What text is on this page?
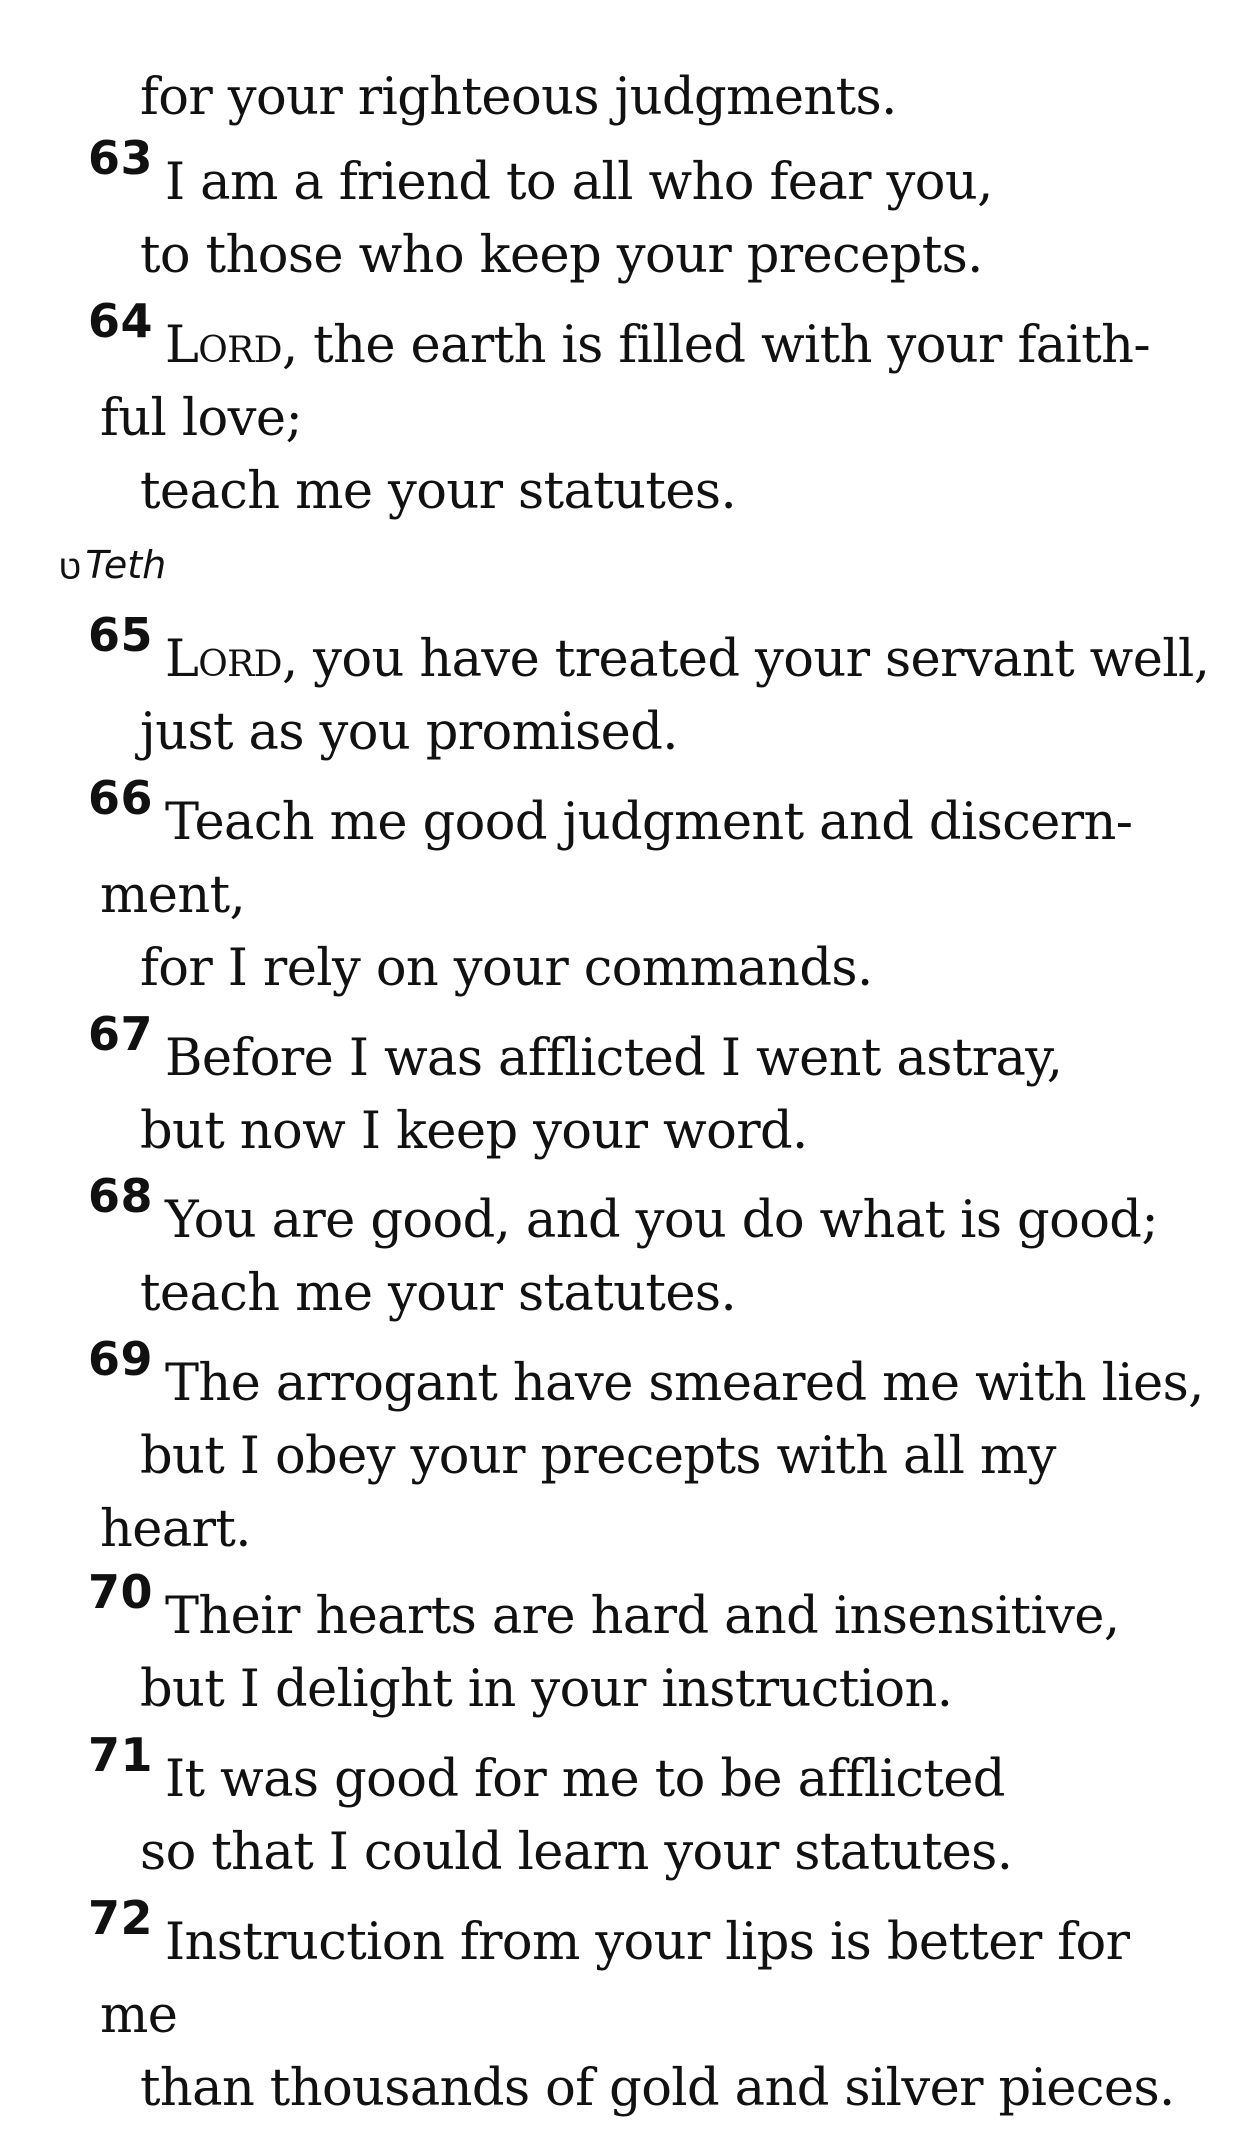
for your righteous judgments.
63 I am a friend to all who fear you,
to those who keep your precepts.
64 Lord, the earth is filled with your faith-
ful love;
teach me your statutes.
ט Teth
65 Lord, you have treated your servant well,
just as you promised.
66 Teach me good judgment and discern-
ment,
for I rely on your commands.
67 Before I was afflicted I went astray,
but now I keep your word.
68 You are good, and you do what is good;
teach me your statutes.
69 The arrogant have smeared me with lies,
but I obey your precepts with all my
heart.
70 Their hearts are hard and insensitive,
but I delight in your instruction.
71 It was good for me to be afflicted
so that I could learn your statutes.
72 Instruction from your lips is better for
me
than thousands of gold and silver pieces.
